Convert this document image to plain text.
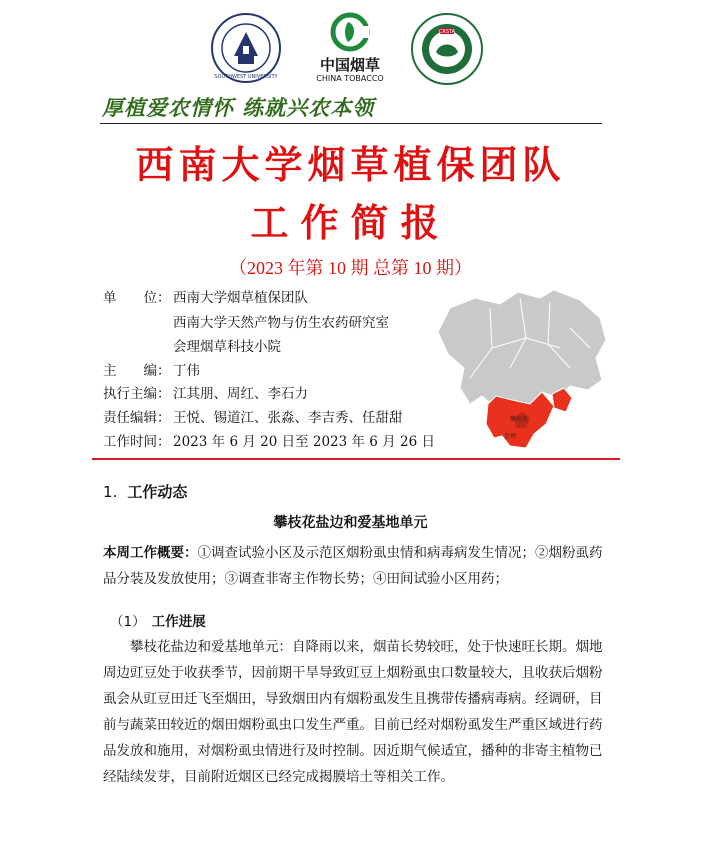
SOUTHWEST UNIVERSITY
中国烟草
CHINA TOBACCO
CRSTA
厚植爱农情怀 练就兴农本领
西南大学烟草植保团队
工作简报
（2023 年第 10 期 总第 10 期）
单　　位： 西南大学烟草植保团队
西南大学天然产物与仿生农药研究室
会理烟草科技小院
主　　编： 丁伟
执行主编： 江其朋、周红、李石力
责任编辑： 王悦、锡道江、张淼、李吉秀、任甜甜
工作时间： 2023 年 6 月 20 日至 2023 年 6 月 26 日
攀枝花
会理
1. 工作动态
攀枝花盐边和爱基地单元
本周工作概要：①调查试验小区及示范区烟粉虱虫情和病毒病发生情况；②烟粉虱药品分装及发放使用；③调查非寄主作物长势；④田间试验小区用药；
（1） 工作进展
攀枝花盐边和爱基地单元：自降雨以来，烟苗长势较旺，处于快速旺长期。烟地周边豇豆处于收获季节，因前期干旱导致豇豆上烟粉虱虫口数量较大，且收获后烟粉虱会从豇豆田迁飞至烟田，导致烟田内有烟粉虱发生且携带传播病毒病。经调研，目前与蔬菜田较近的烟田烟粉虱虫口发生严重。目前已经对烟粉虱发生严重区域进行药品发放和施用，对烟粉虱虫情进行及时控制。因近期气候适宜，播种的非寄主植物已经陆续发芽，目前附近烟区已经完成揭膜培土等相关工作。
